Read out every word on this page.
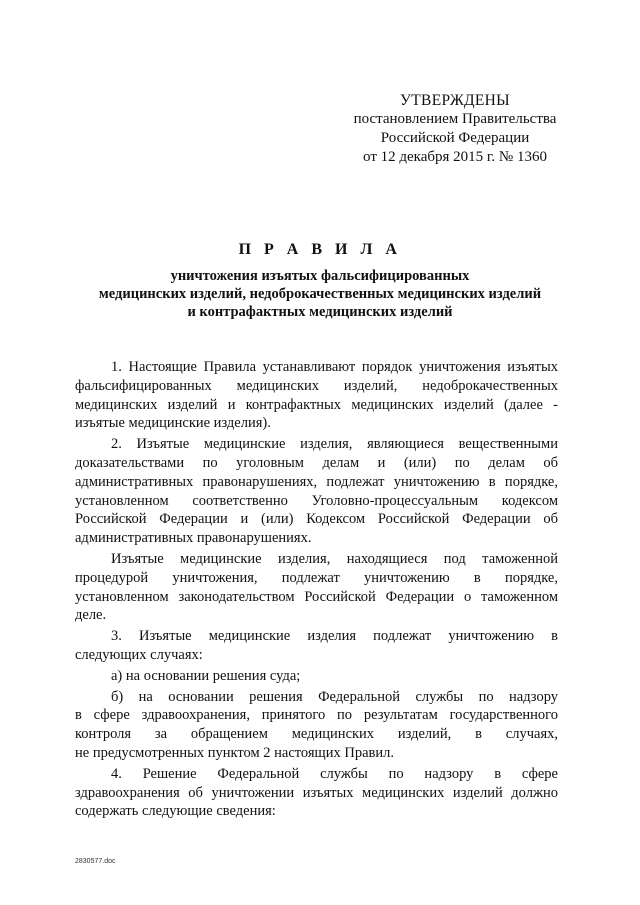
УТВЕРЖДЕНЫ
постановлением Правительства
Российской Федерации
от 12 декабря 2015 г. № 1360
П Р А В И Л А
уничтожения изъятых фальсифицированных
медицинских изделий, недоброкачественных медицинских изделий
и контрафактных медицинских изделий
1. Настоящие Правила устанавливают порядок уничтожения изъятых
фальсифицированных медицинских изделий, недоброкачественных
медицинских изделий и контрафактных медицинских изделий (далее -
изъятые медицинские изделия).
2. Изъятые медицинские изделия, являющиеся вещественными
доказательствами по уголовным делам и (или) по делам об
административных правонарушениях, подлежат уничтожению в порядке,
установленном соответственно Уголовно-процессуальным кодексом
Российской Федерации и (или) Кодексом Российской Федерации об
административных правонарушениях.
Изъятые медицинские изделия, находящиеся под таможенной
процедурой уничтожения, подлежат уничтожению в порядке,
установленном законодательством Российской Федерации о таможенном
деле.
3. Изъятые медицинские изделия подлежат уничтожению в
следующих случаях:
а) на основании решения суда;
б) на основании решения Федеральной службы по надзору
в сфере здравоохранения, принятого по результатам государственного
контроля за обращением медицинских изделий, в случаях,
не предусмотренных пунктом 2 настоящих Правил.
4. Решение Федеральной службы по надзору в сфере
здравоохранения об уничтожении изъятых медицинских изделий должно
содержать следующие сведения:
2830577.doc
